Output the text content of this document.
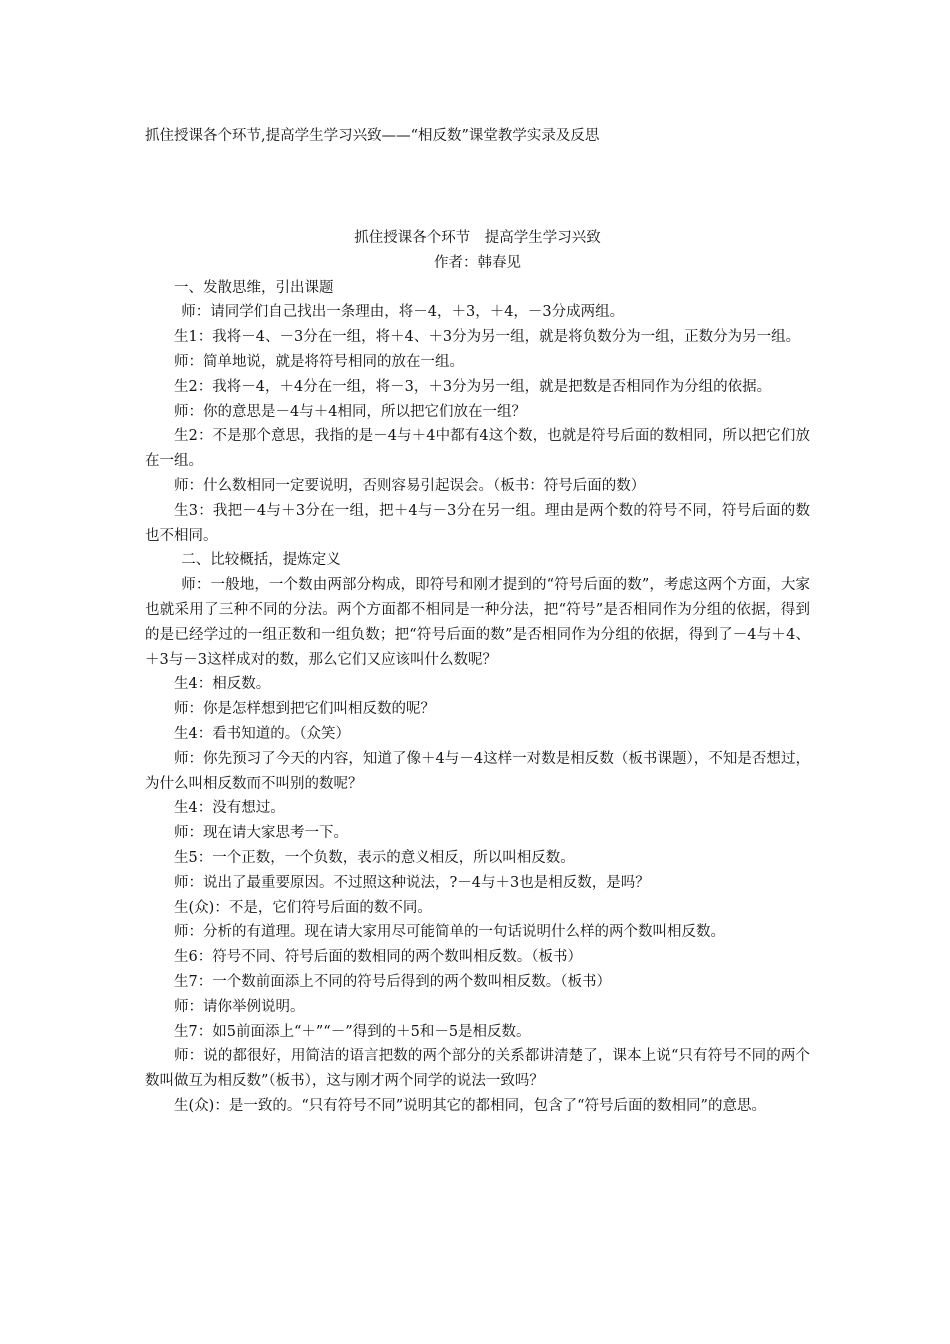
抓住授课各个环节,提高学生学习兴致——“相反数”课堂教学实录及反思

抓住授课各个环节　提高学生学习兴致

作者：韩春见

一、发散思维，引出课题

师：请同学们自己找出一条理由，将－4，＋3，＋4，－3分成两组。

生1：我将－4、－3分在一组，将＋4、＋3分为另一组，就是将负数分为一组，正数分为另一组。

师：简单地说，就是将符号相同的放在一组。

生2：我将－4，＋4分在一组，将－3，＋3分为另一组，就是把数是否相同作为分组的依据。

师：你的意思是－4与＋4相同，所以把它们放在一组？

生2：不是那个意思，我指的是－4与＋4中都有4这个数，也就是符号后面的数相同，所以把它们放在一组。

师：什么数相同一定要说明，否则容易引起误会。（板书：符号后面的数）

生3：我把－4与＋3分在一组，把＋4与－3分在另一组。理由是两个数的符号不同，符号后面的数也不相同。

二、比较概括，提炼定义

师：一般地，一个数由两部分构成，即符号和刚才提到的“符号后面的数”，考虑这两个方面，大家也就采用了三种不同的分法。两个方面都不相同是一种分法，把“符号”是否相同作为分组的依据，得到的是已经学过的一组正数和一组负数；把“符号后面的数”是否相同作为分组的依据，得到了－4与＋4、＋3与－3这样成对的数，那么它们又应该叫什么数呢？

生4：相反数。

师：你是怎样想到把它们叫相反数的呢？

生4：看书知道的。（众笑）

师：你先预习了今天的内容，知道了像＋4与－4这样一对数是相反数（板书课题），不知是否想过，为什么叫相反数而不叫别的数呢？

生4：没有想过。

师：现在请大家思考一下。

生5：一个正数，一个负数，表示的意义相反，所以叫相反数。

师：说出了最重要原因。不过照这种说法，?－4与＋3也是相反数，是吗？

生(众)：不是，它们符号后面的数不同。

师：分析的有道理。现在请大家用尽可能简单的一句话说明什么样的两个数叫相反数。

生6：符号不同、符号后面的数相同的两个数叫相反数。（板书）

生7：一个数前面添上不同的符号后得到的两个数叫相反数。（板书）

师：请你举例说明。

生7：如5前面添上“＋”“－”得到的＋5和－5是相反数。

师：说的都很好，用简洁的语言把数的两个部分的关系都讲清楚了，课本上说“只有符号不同的两个数叫做互为相反数”（板书），这与刚才两个同学的说法一致吗？

生(众)：是一致的。“只有符号不同”说明其它的都相同，包含了“符号后面的数相同”的意思。
